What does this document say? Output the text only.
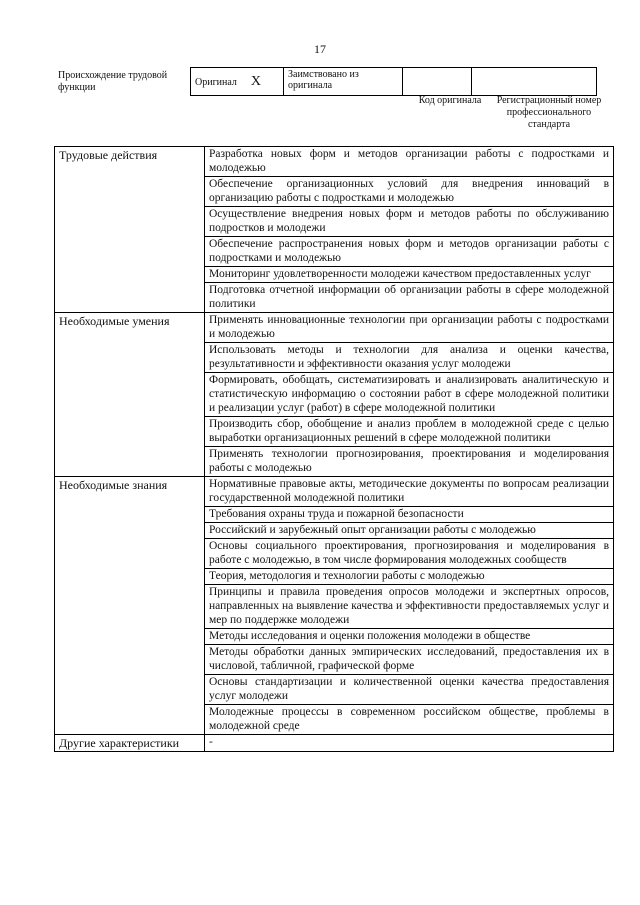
17
Происхождение трудовой функции	Оригинал X	Заимствовано из оригинала		
Код оригинала	Регистрационный номер профессионального стандарта
Трудовые действия	Разработка новых форм и методов организации работы с подростками и молодежью
	Обеспечение организационных условий для внедрения инноваций в организацию работы с подростками и молодежью
	Осуществление внедрения новых форм и методов работы по обслуживанию подростков и молодежи
	Обеспечение распространения новых форм и методов организации работы с подростками и молодежью
	Мониторинг удовлетворенности молодежи качеством предоставленных услуг
	Подготовка отчетной информации об организации работы в сфере молодежной политики
Необходимые умения	Применять инновационные технологии при организации работы с подростками и молодежью
	Использовать методы и технологии для анализа и оценки качества, результативности и эффективности оказания услуг молодежи
	Формировать, обобщать, систематизировать и анализировать аналитическую и статистическую информацию о состоянии работ в сфере молодежной политики и реализации услуг (работ) в сфере молодежной политики
	Производить сбор, обобщение и анализ проблем в молодежной среде с целью выработки организационных решений в сфере молодежной политики
	Применять технологии прогнозирования, проектирования и моделирования работы с молодежью
Необходимые знания	Нормативные правовые акты, методические документы по вопросам реализации государственной молодежной политики
	Требования охраны труда и пожарной безопасности
	Российский и зарубежный опыт организации работы с молодежью
	Основы социального проектирования, прогнозирования и моделирования в работе с молодежью, в том числе формирования молодежных сообществ
	Теория, методология и технологии работы с молодежью
	Принципы и правила проведения опросов молодежи и экспертных опросов, направленных на выявление качества и эффективности предоставляемых услуг и мер по поддержке молодежи
	Методы исследования и оценки положения молодежи в обществе
	Методы обработки данных эмпирических исследований, предоставления их в числовой, табличной, графической форме
	Основы стандартизации и количественной оценки качества предоставления услуг молодежи
	Молодежные процессы в современном российском обществе, проблемы в молодежной среде
Другие характеристики	-
